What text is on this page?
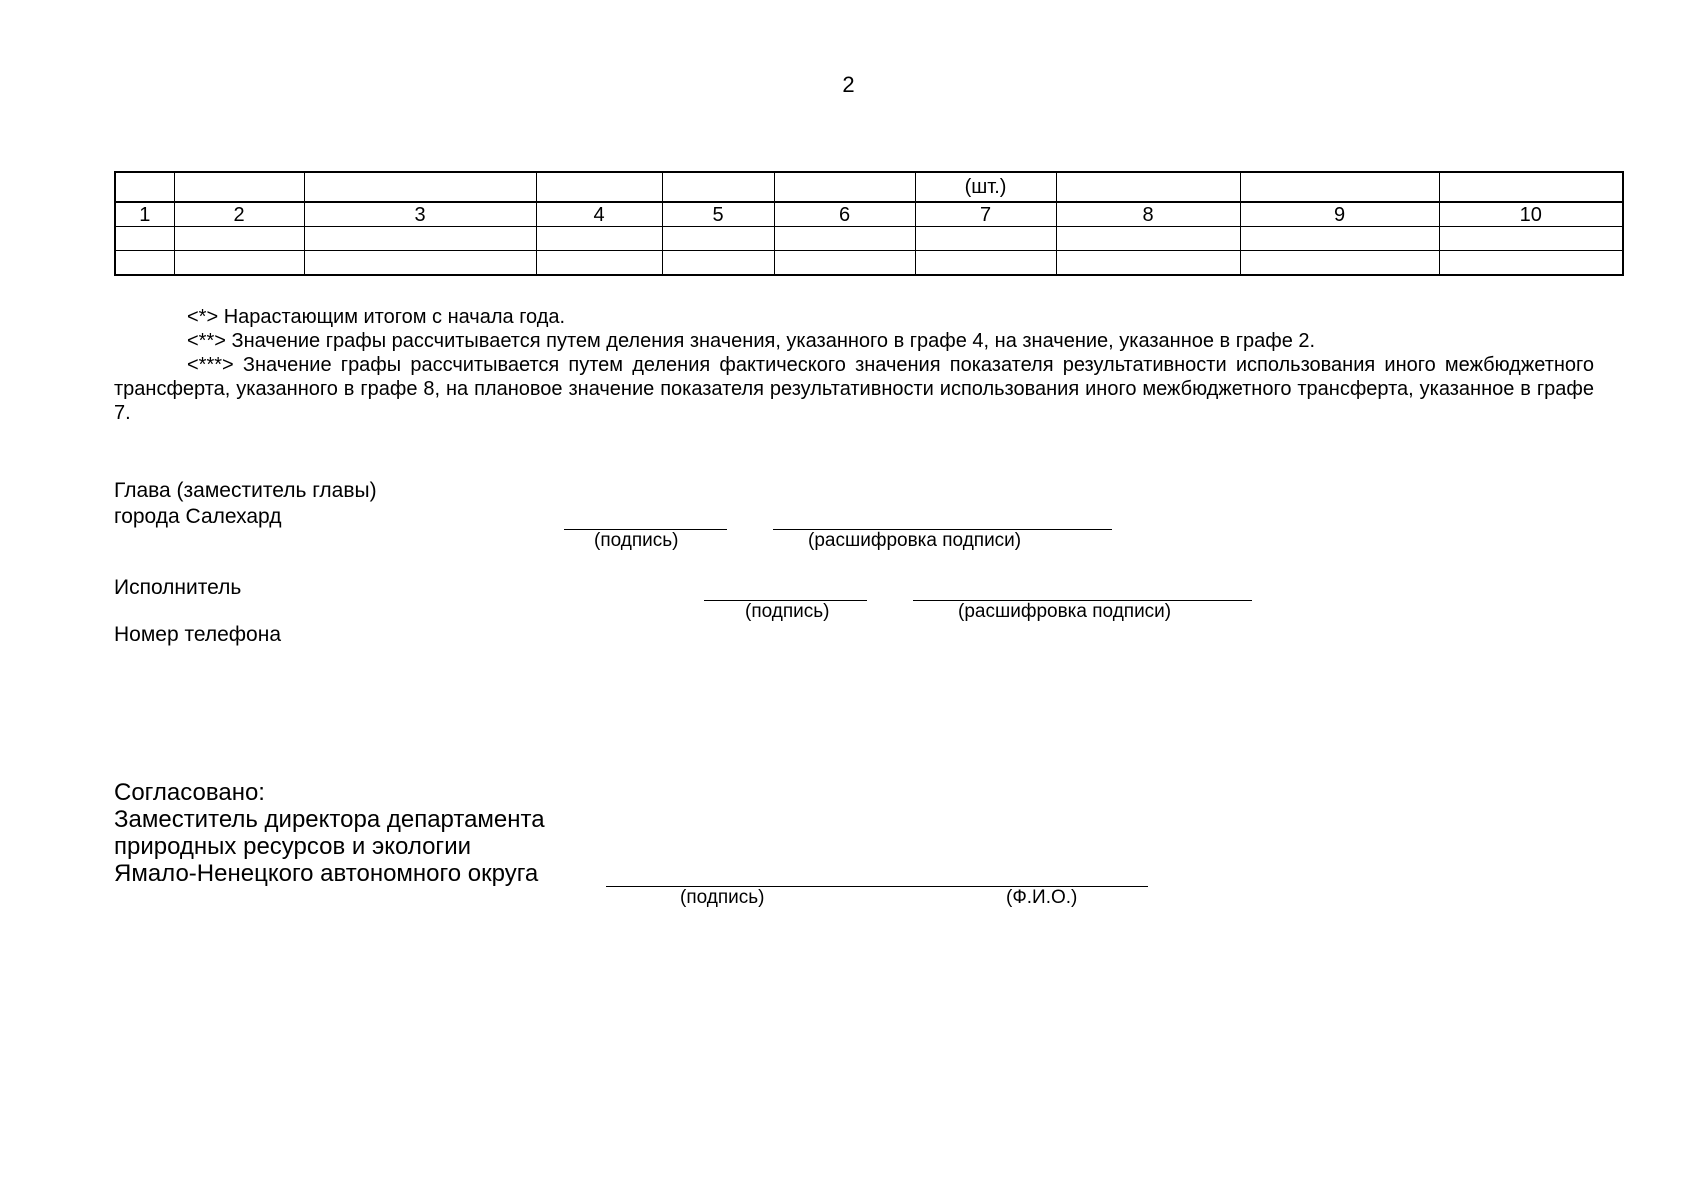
2
						(шт.)			
1	2	3	4	5	6	7	8	9	10

<*> Нарастающим итогом с начала года.
<**> Значение графы рассчитывается путем деления значения, указанного в графе 4, на значение, указанное в графе 2.
<***> Значение графы рассчитывается путем деления фактического значения показателя результативности использования иного межбюджетного трансферта, указанного в графе 8, на плановое значение показателя результативности использования иного межбюджетного трансферта, указанное в графе 7.
Глава (заместитель главы)
города Салехард
(подпись)	(расшифровка подписи)
Исполнитель
(подпись)	(расшифровка подписи)
Номер телефона
Согласовано:
Заместитель директора департамента
природных ресурсов и экологии
Ямало-Ненецкого автономного округа
(подпись)	(Ф.И.О.)
